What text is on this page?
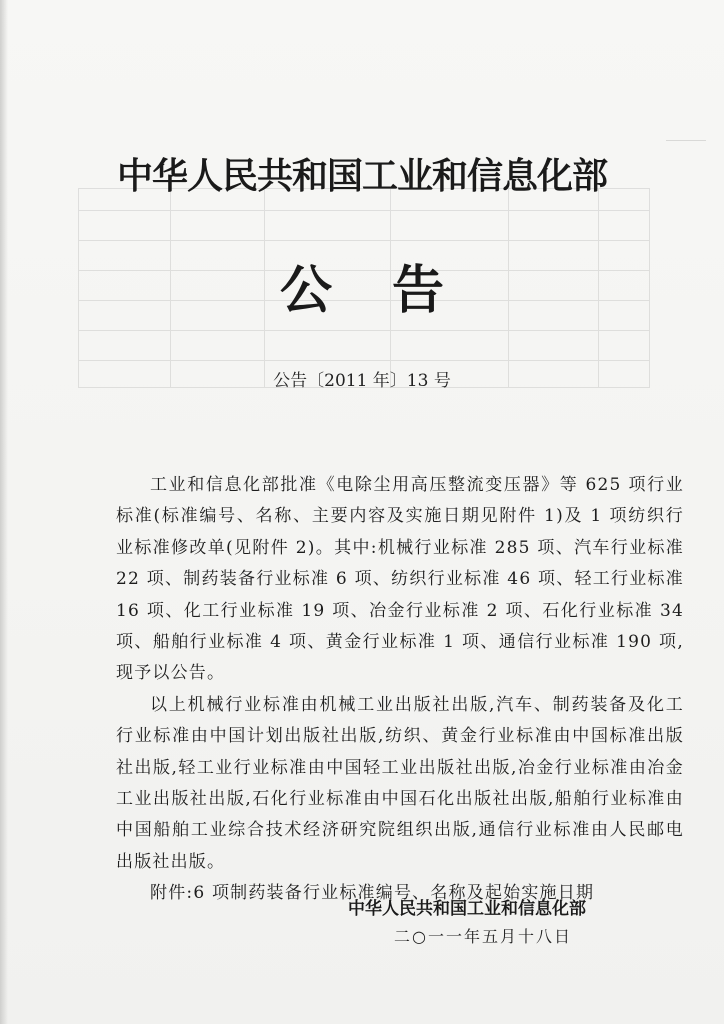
中华人民共和国工业和信息化部
公告
公告〔2011 年〕13 号

工业和信息化部批准《电除尘用高压整流变压器》等 625 项行业标准(标准编号、名称、主要内容及实施日期见附件 1)及 1 项纺织行业标准修改单(见附件 2)。其中:机械行业标准 285 项、汽车行业标准 22 项、制药装备行业标准 6 项、纺织行业标准 46 项、轻工行业标准 16 项、化工行业标准 19 项、冶金行业标准 2 项、石化行业标准 34 项、船舶行业标准 4 项、黄金行业标准 1 项、通信行业标准 190 项,现予以公告。

以上机械行业标准由机械工业出版社出版,汽车、制药装备及化工行业标准由中国计划出版社出版,纺织、黄金行业标准由中国标准出版社出版,轻工业行业标准由中国轻工业出版社出版,冶金行业标准由冶金工业出版社出版,石化行业标准由中国石化出版社出版,船舶行业标准由中国船舶工业综合技术经济研究院组织出版,通信行业标准由人民邮电出版社出版。

附件:6 项制药装备行业标准编号、名称及起始实施日期

中华人民共和国工业和信息化部
二○一一年五月十八日
